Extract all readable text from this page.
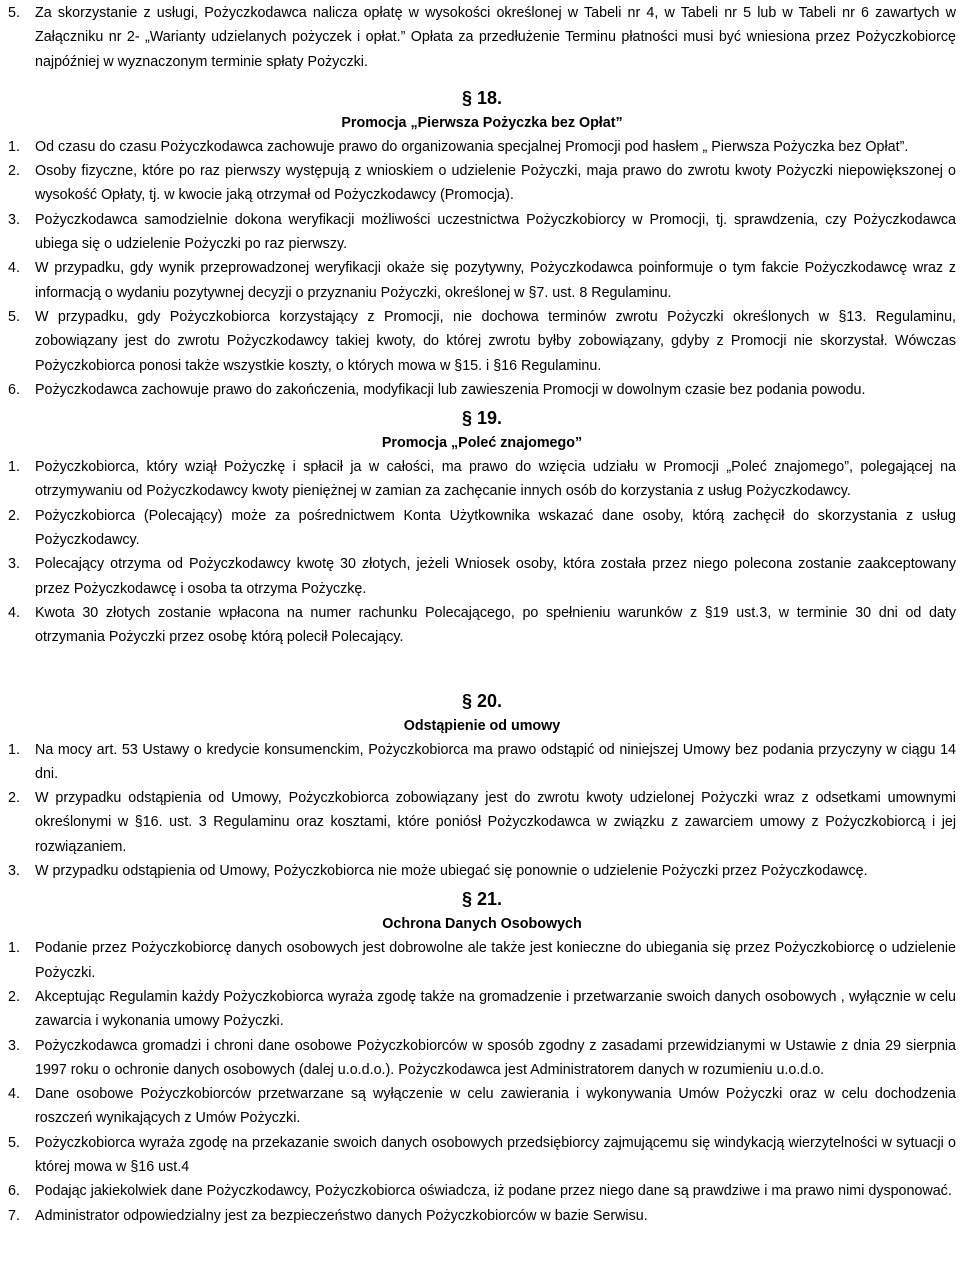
5. Za skorzystanie z usługi, Pożyczkodawca nalicza opłatę w wysokości określonej w Tabeli nr 4, w Tabeli nr 5 lub w Tabeli nr 6 zawartych w Załączniku nr 2- „Warianty udzielanych pożyczek i opłat.” Opłata za przedłużenie Terminu płatności musi być wniesiona przez Pożyczkobiorcę najpóźniej w wyznaczonym terminie spłaty Pożyczki.

§ 18.

Promocja „Pierwsza Pożyczka bez Opłat”

1. Od czasu do czasu Pożyczkodawca zachowuje prawo do organizowania specjalnej Promocji pod hasłem „ Pierwsza Pożyczka bez Opłat”.
2. Osoby fizyczne, które po raz pierwszy występują z wnioskiem o udzielenie Pożyczki, maja prawo do zwrotu kwoty Pożyczki niepowiększonej o wysokość Opłaty, tj. w kwocie jaką otrzymał od Pożyczkodawcy (Promocja).
3. Pożyczkodawca samodzielnie dokona weryfikacji możliwości uczestnictwa Pożyczkobiorcy w Promocji, tj. sprawdzenia, czy Pożyczkodawca ubiega się o udzielenie Pożyczki po raz pierwszy.
4. W przypadku, gdy wynik przeprowadzonej weryfikacji okaże się pozytywny, Pożyczkodawca poinformuje o tym fakcie Pożyczkodawcę wraz z informacją o wydaniu pozytywnej decyzji o przyznaniu Pożyczki, określonej w §7. ust. 8 Regulaminu.
5. W przypadku, gdy Pożyczkobiorca korzystający z Promocji, nie dochowa terminów zwrotu Pożyczki określonych w §13. Regulaminu, zobowiązany jest do zwrotu Pożyczkodawcy takiej kwoty, do której zwrotu byłby zobowiązany, gdyby z Promocji nie skorzystał. Wówczas Pożyczkobiorca ponosi także wszystkie koszty, o których mowa w §15. i §16 Regulaminu.
6. Pożyczkodawca zachowuje prawo do zakończenia, modyfikacji lub zawieszenia Promocji w dowolnym czasie bez podania powodu.

§ 19.

Promocja „Poleć znajomego”

1. Pożyczkobiorca, który wziął Pożyczkę i spłacił ja w całości, ma prawo do wzięcia udziału w Promocji „Poleć znajomego”, polegającej na otrzymywaniu od Pożyczkodawcy kwoty pieniężnej w zamian za zachęcanie innych osób do korzystania z usług Pożyczkodawcy.
2. Pożyczkobiorca (Polecający) może za pośrednictwem Konta Użytkownika wskazać dane osoby, którą zachęcił do skorzystania z usług Pożyczkodawcy.
3. Polecający otrzyma od Pożyczkodawcy kwotę 30 złotych, jeżeli Wniosek osoby, która została przez niego polecona zostanie zaakceptowany przez Pożyczkodawcę i osoba ta otrzyma Pożyczkę.
4. Kwota 30 złotych zostanie wpłacona na numer rachunku Polecającego, po spełnieniu warunków z §19 ust.3, w terminie 30 dni od daty otrzymania Pożyczki przez osobę którą polecił Polecający.

§ 20.

Odstąpienie od umowy

1. Na mocy art. 53 Ustawy o kredycie konsumenckim, Pożyczkobiorca ma prawo odstąpić od niniejszej Umowy bez podania przyczyny w ciągu 14 dni.
2. W przypadku odstąpienia od Umowy, Pożyczkobiorca zobowiązany jest do zwrotu kwoty udzielonej Pożyczki wraz z odsetkami umownymi określonymi w §16. ust. 3 Regulaminu oraz kosztami, które poniósł Pożyczkodawca w związku z zawarciem umowy z Pożyczkobiorcą i jej rozwiązaniem.
3. W przypadku odstąpienia od Umowy, Pożyczkobiorca nie może ubiegać się ponownie o udzielenie Pożyczki przez Pożyczkodawcę.

§ 21.

Ochrona Danych Osobowych

1. Podanie przez Pożyczkobiorcę danych osobowych jest dobrowolne ale także jest konieczne do ubiegania się przez Pożyczkobiorcę o udzielenie Pożyczki.
2. Akceptując Regulamin każdy Pożyczkobiorca wyraża zgodę także na gromadzenie i przetwarzanie swoich danych osobowych , wyłącznie w celu zawarcia i wykonania umowy Pożyczki.
3. Pożyczkodawca gromadzi i chroni dane osobowe Pożyczkobiorców w sposób zgodny z zasadami przewidzianymi w Ustawie z dnia 29 sierpnia 1997 roku o ochronie danych osobowych (dalej u.o.d.o.). Pożyczkodawca jest Administratorem danych w rozumieniu u.o.d.o.
4. Dane osobowe Pożyczkobiorców przetwarzane są wyłączenie w celu zawierania i wykonywania Umów Pożyczki oraz w celu dochodzenia roszczeń wynikających z Umów Pożyczki.
5. Pożyczkobiorca wyraża zgodę na przekazanie swoich danych osobowych przedsiębiorcy zajmującemu się windykacją wierzytelności w sytuacji o której mowa w §16 ust.4
6. Podając jakiekolwiek dane Pożyczkodawcy, Pożyczkobiorca oświadcza, iż podane przez niego dane są prawdziwe i ma prawo nimi dysponować.
7. Administrator odpowiedzialny jest za bezpieczeństwo danych Pożyczkobiorców w bazie Serwisu.
